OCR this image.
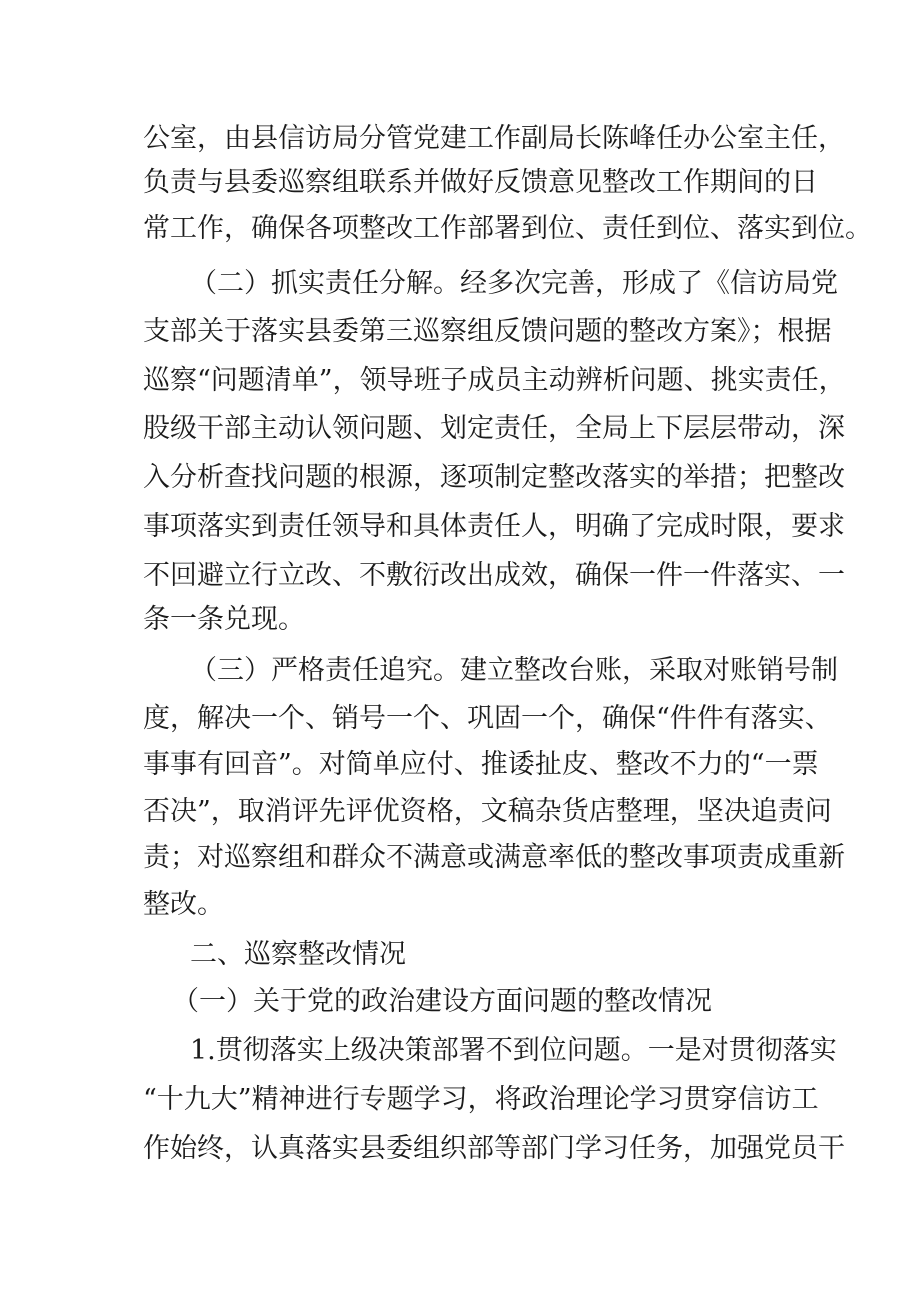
公室，由县信访局分管党建工作副局长陈峰任办公室主任，
负责与县委巡察组联系并做好反馈意见整改工作期间的日
常工作，确保各项整改工作部署到位、责任到位、落实到位。
（二）抓实责任分解。经多次完善，形成了《信访局党
支部关于落实县委第三巡察组反馈问题的整改方案》；根据
巡察“问题清单”，领导班子成员主动辨析问题、挑实责任，
股级干部主动认领问题、划定责任，全局上下层层带动，深
入分析查找问题的根源，逐项制定整改落实的举措；把整改
事项落实到责任领导和具体责任人，明确了完成时限，要求
不回避立行立改、不敷衍改出成效，确保一件一件落实、一
条一条兑现。
（三）严格责任追究。建立整改台账，采取对账销号制
度，解决一个、销号一个、巩固一个，确保“件件有落实、
事事有回音”。对简单应付、推诿扯皮、整改不力的“一票
否决”，取消评先评优资格，文稿杂货店整理，坚决追责问
责；对巡察组和群众不满意或满意率低的整改事项责成重新
整改。
二、巡察整改情况
（一）关于党的政治建设方面问题的整改情况
1.贯彻落实上级决策部署不到位问题。一是对贯彻落实
“十九大”精神进行专题学习，将政治理论学习贯穿信访工
作始终，认真落实县委组织部等部门学习任务，加强党员干
